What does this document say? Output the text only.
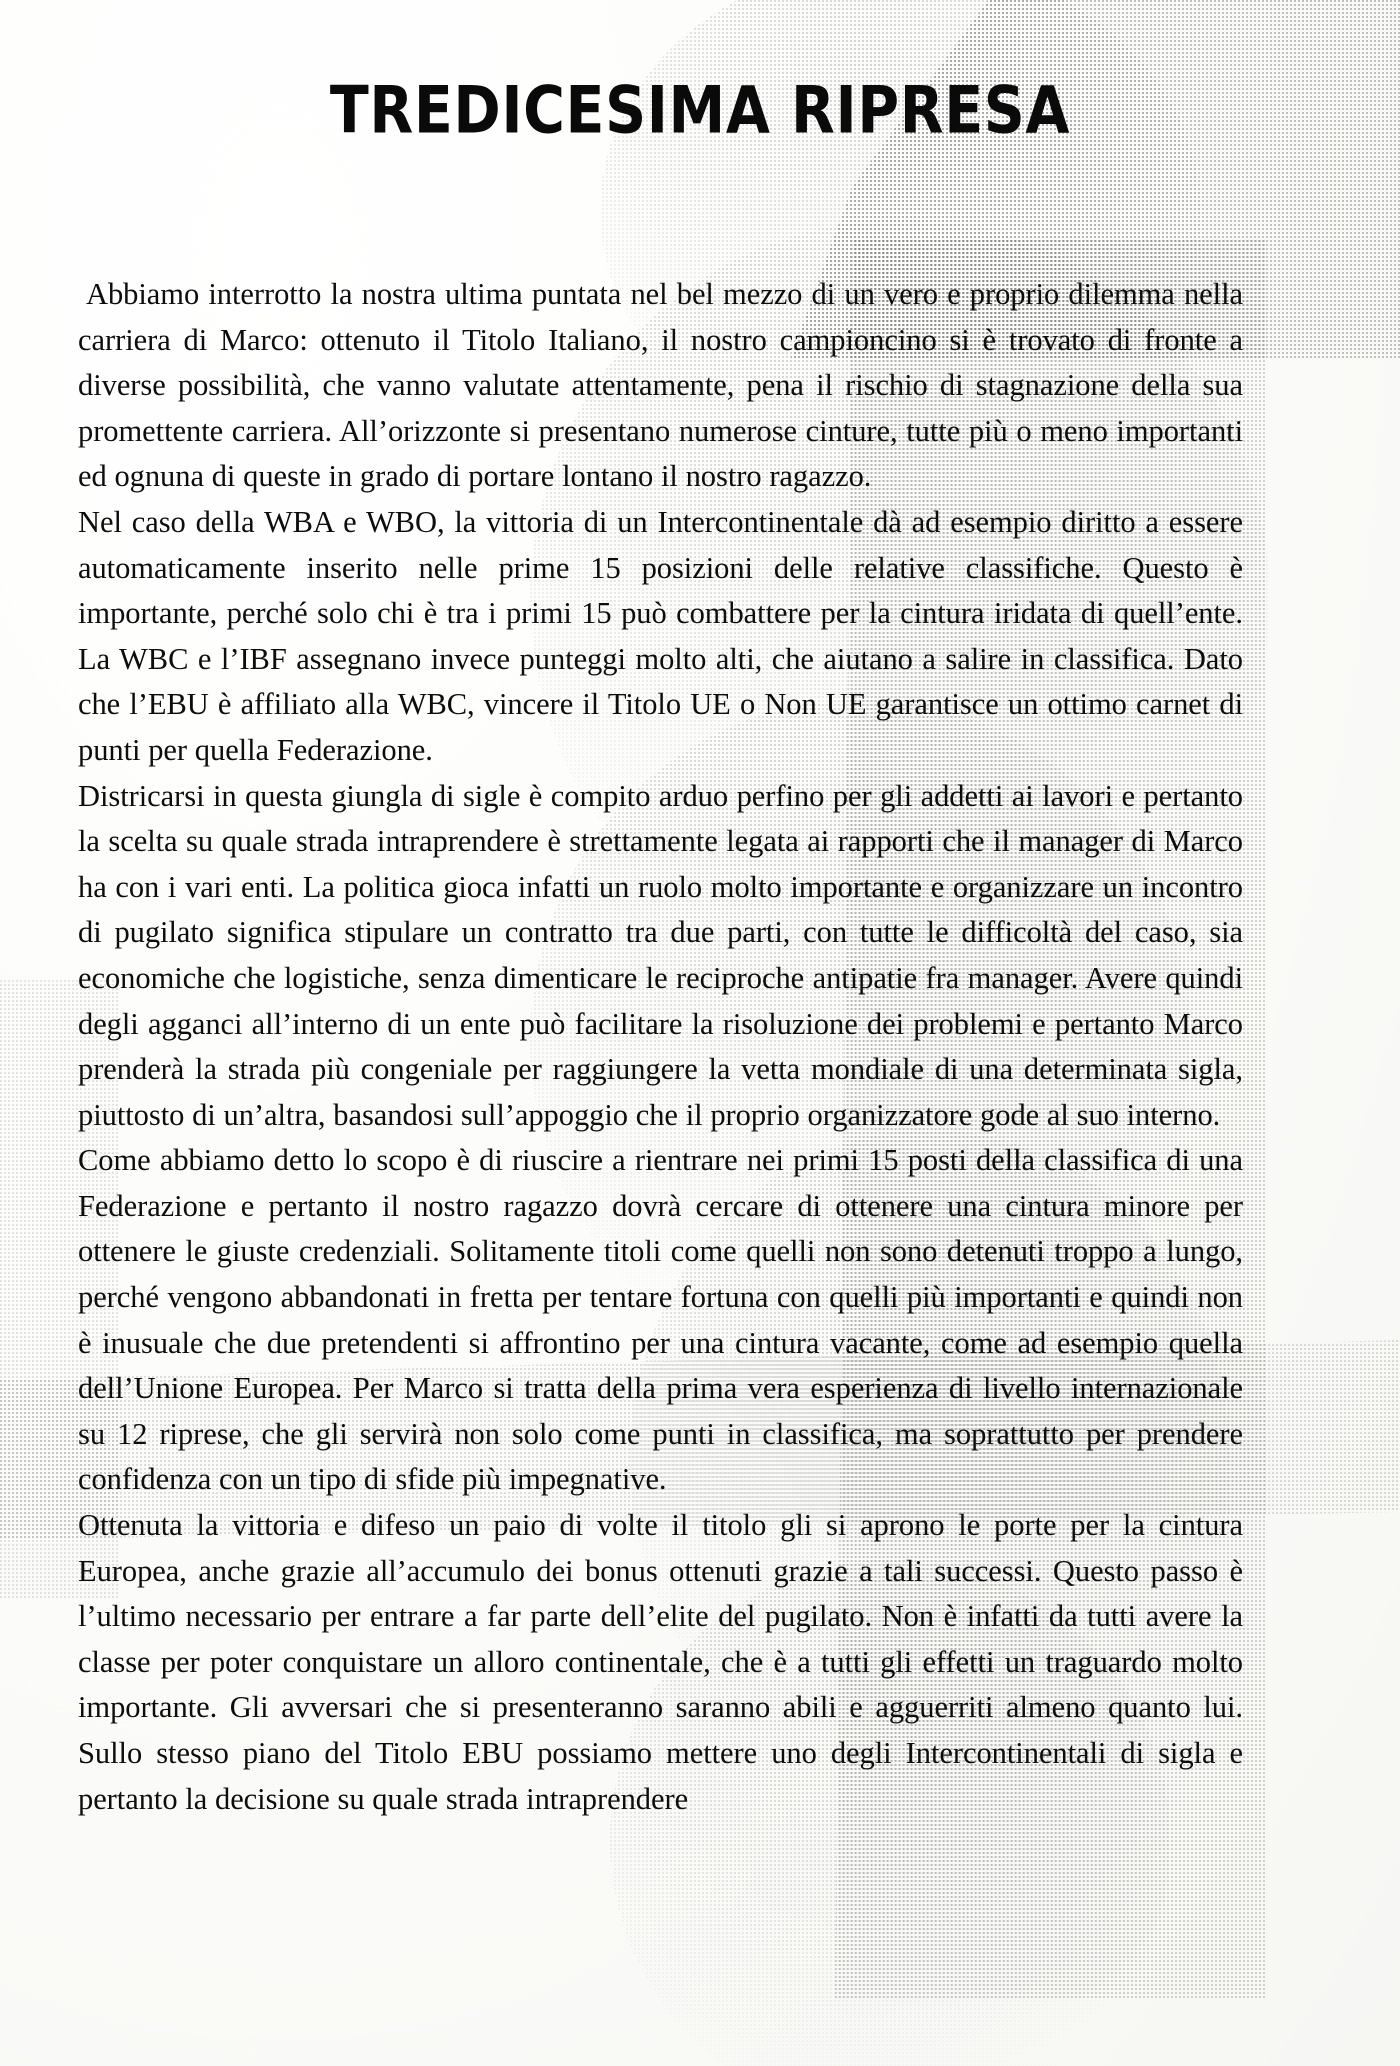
TREDICESIMA RIPRESA

Abbiamo interrotto la nostra ultima puntata nel bel mezzo di un vero e proprio dilemma nella carriera di Marco: ottenuto il Titolo Italiano, il nostro campioncino si è trovato di fronte a diverse possibilità, che vanno valutate attentamente, pena il rischio di stagnazione della sua promettente carriera. All’orizzonte si presentano numerose cinture, tutte più o meno importanti ed ognuna di queste in grado di portare lontano il nostro ragazzo.

Nel caso della WBA e WBO, la vittoria di un Intercontinentale dà ad esempio diritto a essere automaticamente inserito nelle prime 15 posizioni delle relative classifiche. Questo è importante, perché solo chi è tra i primi 15 può combattere per la cintura iridata di quell’ente. La WBC e l’IBF assegnano invece punteggi molto alti, che aiutano a salire in classifica. Dato che l’EBU è affiliato alla WBC, vincere il Titolo UE o Non UE garantisce un ottimo carnet di punti per quella Federazione.

Districarsi in questa giungla di sigle è compito arduo perfino per gli addetti ai lavori e pertanto la scelta su quale strada intraprendere è strettamente legata ai rapporti che il manager di Marco ha con i vari enti. La politica gioca infatti un ruolo molto importante e organizzare un incontro di pugilato significa stipulare un contratto tra due parti, con tutte le difficoltà del caso, sia economiche che logistiche, senza dimenticare le reciproche antipatie fra manager. Avere quindi degli agganci all’interno di un ente può facilitare la risoluzione dei problemi e pertanto Marco prenderà la strada più congeniale per raggiungere la vetta mondiale di una determinata sigla, piuttosto di un’altra, basandosi sull’appoggio che il proprio organizzatore gode al suo interno.

Come abbiamo detto lo scopo è di riuscire a rientrare nei primi 15 posti della classifica di una Federazione e pertanto il nostro ragazzo dovrà cercare di ottenere una cintura minore per ottenere le giuste credenziali. Solitamente titoli come quelli non sono detenuti troppo a lungo, perché vengono abbandonati in fretta per tentare fortuna con quelli più importanti e quindi non è inusuale che due pretendenti si affrontino per una cintura vacante, come ad esempio quella dell’Unione Europea. Per Marco si tratta della prima vera esperienza di livello internazionale su 12 riprese, che gli servirà non solo come punti in classifica, ma soprattutto per prendere confidenza con un tipo di sfide più impegnative.

Ottenuta la vittoria e difeso un paio di volte il titolo gli si aprono le porte per la cintura Europea, anche grazie all’accumulo dei bonus ottenuti grazie a tali successi. Questo passo è l’ultimo necessario per entrare a far parte dell’elite del pugilato. Non è infatti da tutti avere la classe per poter conquistare un alloro continentale, che è a tutti gli effetti un traguardo molto importante. Gli avversari che si presenteranno saranno abili e agguerriti almeno quanto lui. Sullo stesso piano del Titolo EBU possiamo mettere uno degli Intercontinentali di sigla e pertanto la decisione su quale strada intraprendere
